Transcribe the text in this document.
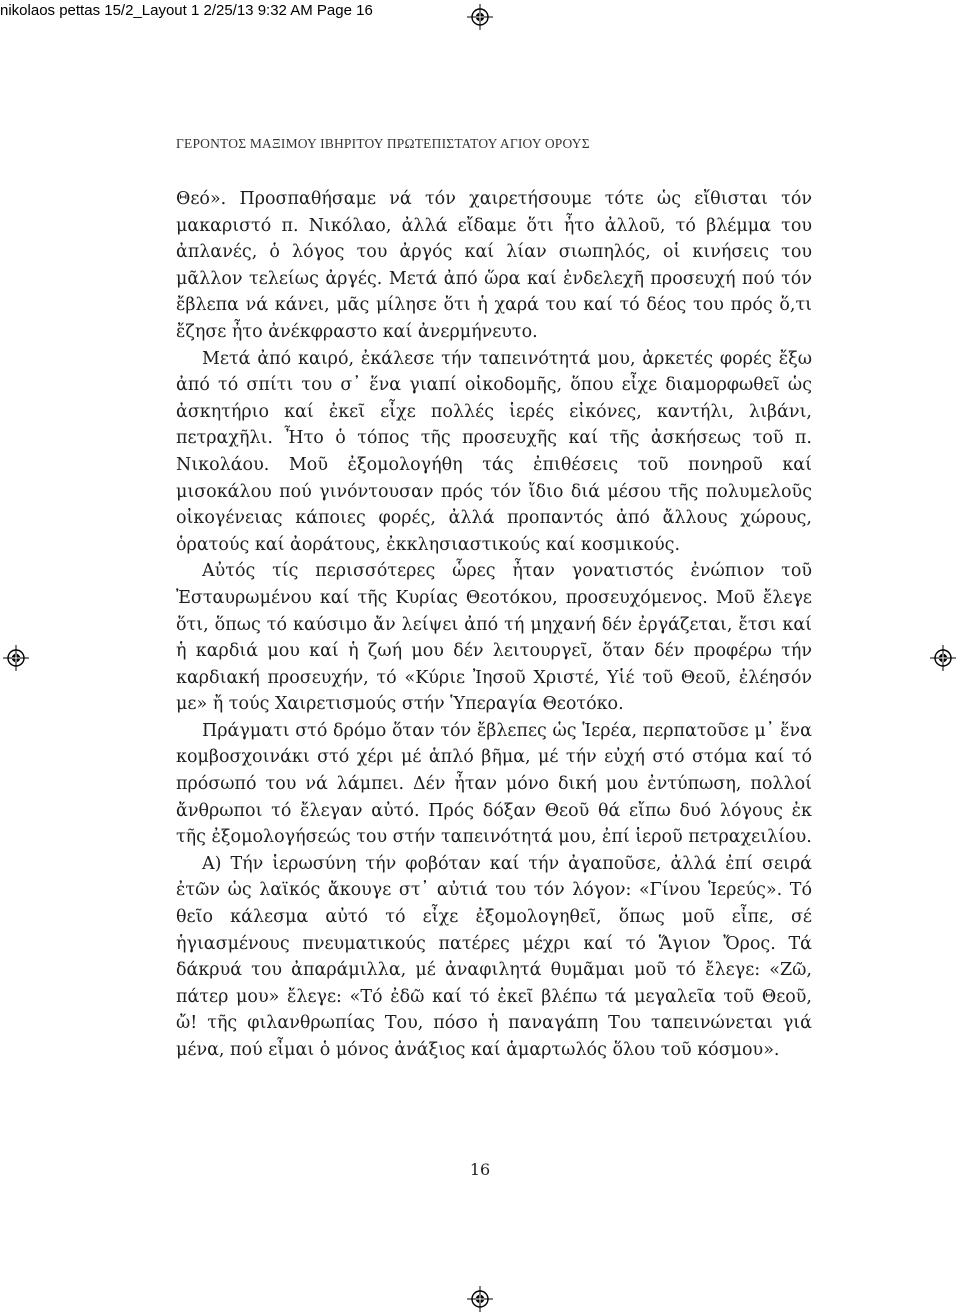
nikolaos pettas 15/2_Layout 1 2/25/13 9:32 AM Page 16
ΓΕΡΟΝΤΟΣ ΜΑΞΙΜΟΥ ΙΒΗΡΙΤΟΥ ΠΡΩΤΕΠΙΣΤΑΤΟΥ ΑΓΙΟΥ ΟΡΟΥΣ

Θεό». Προσπαθήσαμε νά τόν χαιρετήσουμε τότε ὡς εἴθισται τόν μακαριστό π. Νικόλαο, ἀλλά εἴδαμε ὅτι ἦτο ἀλλοῦ, τό βλέμμα του ἀπλανές, ὁ λόγος του ἀργός καί λίαν σιωπηλός, οἱ κινήσεις του μᾶλλον τελείως ἀργές. Μετά ἀπό ὥρα καί ἐνδελεχῆ προσευχή πού τόν ἔβλεπα νά κάνει, μᾶς μίλησε ὅτι ἡ χαρά του καί τό δέος του πρός ὅ,τι ἔζησε ἦτο ἀνέκφραστο καί ἀνερμήνευτο.

Μετά ἀπό καιρό, ἐκάλεσε τήν ταπεινότητά μου, ἀρκετές φορές ἔξω ἀπό τό σπίτι του σ᾽ ἕνα γιαπί οἰκοδομῆς, ὅπου εἶχε διαμορφωθεῖ ὡς ἀσκητήριο καί ἐκεῖ εἶχε πολλές ἱερές εἰκόνες, καντήλι, λιβάνι, πετραχῆλι. Ἦτο ὁ τόπος τῆς προσευχῆς καί τῆς ἀσκήσεως τοῦ π. Νικολάου. Μοῦ ἐξομολογήθη τάς ἐπιθέσεις τοῦ πονηροῦ καί μισοκάλου πού γινόντουσαν πρός τόν ἴδιο διά μέσου τῆς πολυμελοῦς οἰκογένειας κάποιες φορές, ἀλλά προπαντός ἀπό ἄλλους χώρους, ὁρατούς καί ἀοράτους, ἐκκλησιαστικούς καί κοσμικούς.

Αὐτός τίς περισσότερες ὧρες ἦταν γονατιστός ἐνώπιον τοῦ Ἐσταυρωμένου καί τῆς Κυρίας Θεοτόκου, προσευχόμενος. Μοῦ ἔλεγε ὅτι, ὅπως τό καύσιμο ἄν λείψει ἀπό τή μηχανή δέν ἐργάζεται, ἔτσι καί ἡ καρδιά μου καί ἡ ζωή μου δέν λειτουργεῖ, ὅταν δέν προφέρω τήν καρδιακή προσευχήν, τό «Κύριε Ἰησοῦ Χριστέ, Υἱέ τοῦ Θεοῦ, ἐλέησόν με» ἤ τούς Χαιρετισμούς στήν Ὑπεραγία Θεοτόκο.

Πράγματι στό δρόμο ὅταν τόν ἔβλεπες ὡς Ἱερέα, περπατοῦσε μ᾽ ἕνα κομβοσχοινάκι στό χέρι μέ ἁπλό βῆμα, μέ τήν εὐχή στό στόμα καί τό πρόσωπό του νά λάμπει. Δέν ἦταν μόνο δική μου ἐντύπωση, πολλοί ἄνθρωποι τό ἔλεγαν αὐτό. Πρός δόξαν Θεοῦ θά εἴπω δυό λόγους ἐκ τῆς ἐξομολογήσεώς του στήν ταπεινότητά μου, ἐπί ἱεροῦ πετραχειλίου.

Α) Τήν ἱερωσύνη τήν φοβόταν καί τήν ἀγαποῦσε, ἀλλά ἐπί σειρά ἐτῶν ὡς λαϊκός ἄκουγε στ᾽ αὐτιά του τόν λόγον: «Γίνου Ἱερεύς». Τό θεῖο κάλεσμα αὐτό τό εἶχε ἐξομολογηθεῖ, ὅπως μοῦ εἶπε, σέ ἡγιασμένους πνευματικούς πατέρες μέχρι καί τό Ἅγιον Ὄρος. Τά δάκρυά του ἀπαράμιλλα, μέ ἀναφιλητά θυμᾶμαι μοῦ τό ἔλεγε: «Ζῶ, πάτερ μου» ἔλεγε: «Τό ἐδῶ καί τό ἐκεῖ βλέπω τά μεγαλεῖα τοῦ Θεοῦ, ὤ! τῆς φιλανθρωπίας Του, πόσο ἡ παναγάπη Του ταπεινώνεται γιά μένα, πού εἶμαι ὁ μόνος ἀνάξιος καί ἁμαρτωλός ὅλου τοῦ κόσμου».

16
